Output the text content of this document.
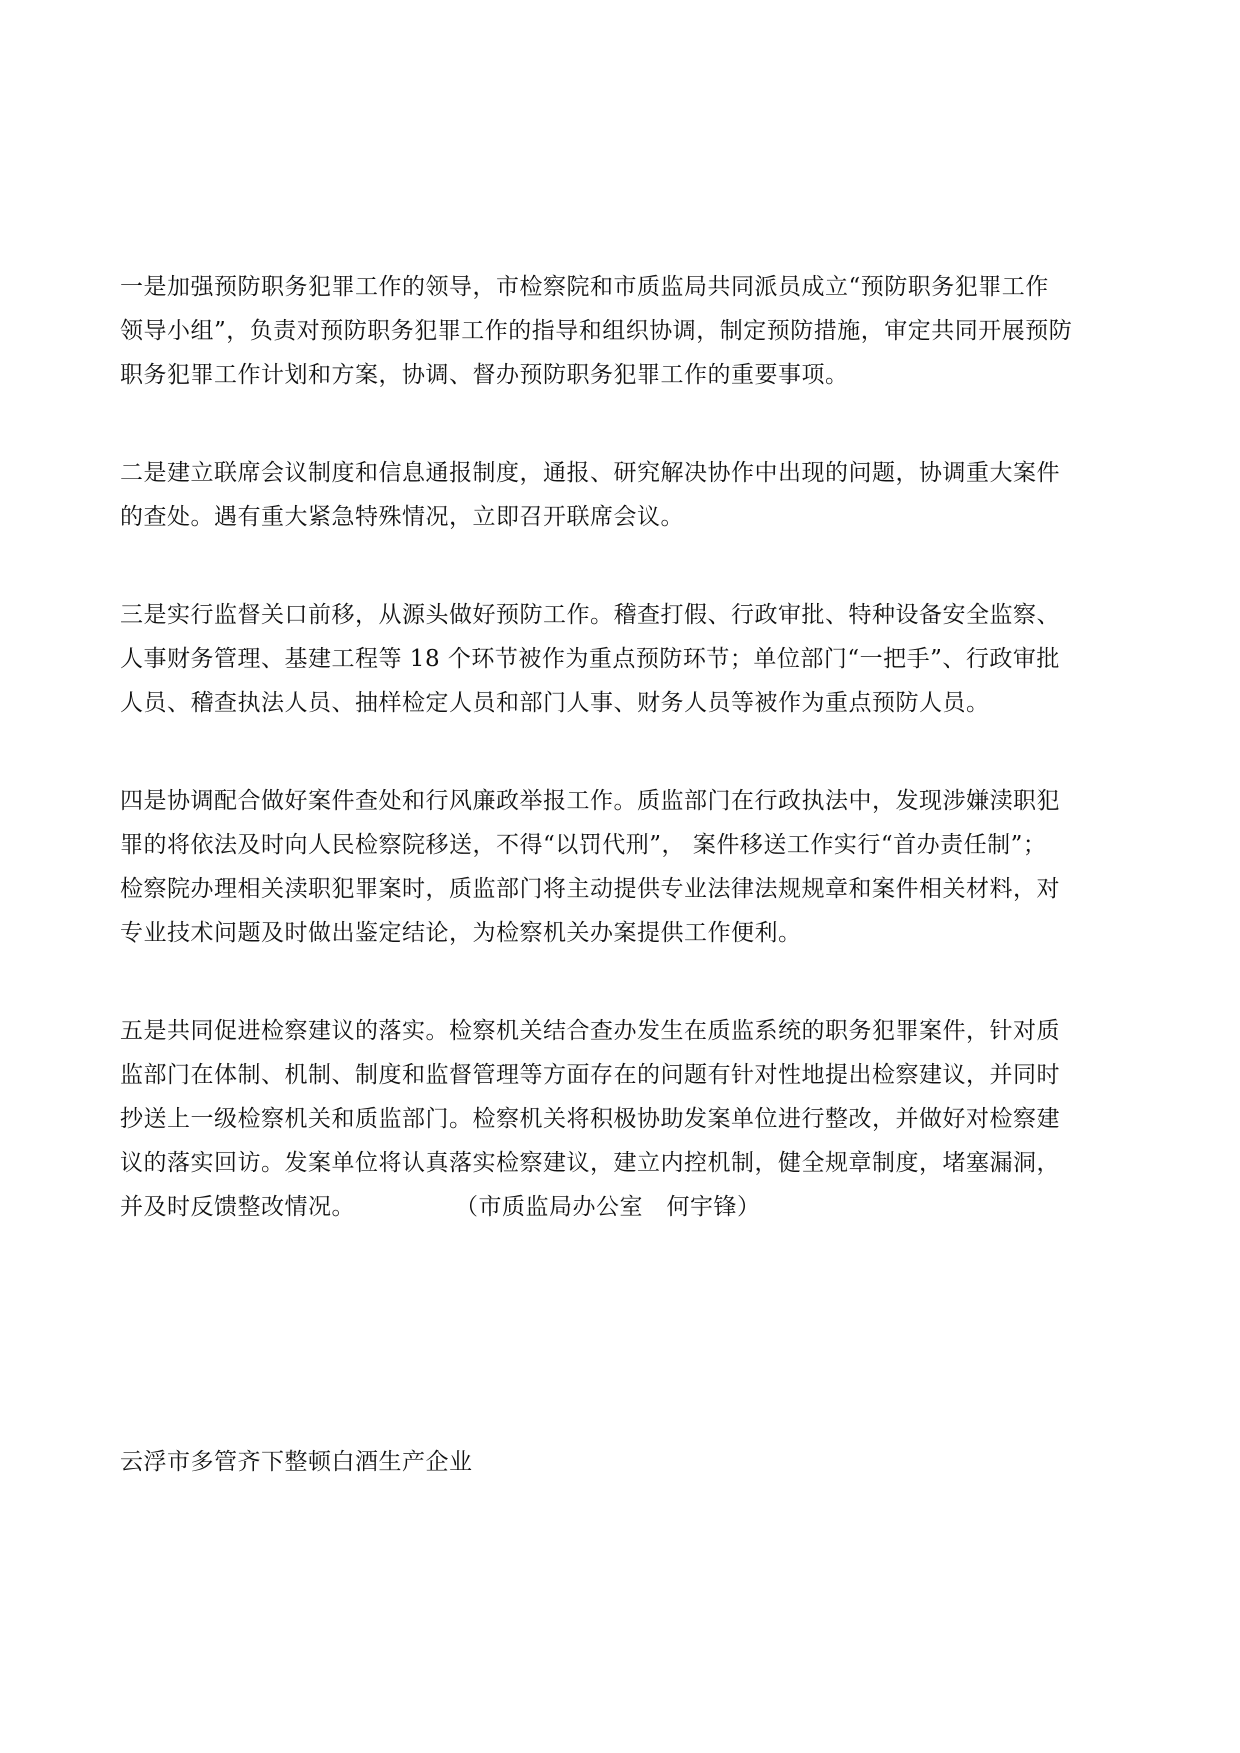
一是加强预防职务犯罪工作的领导，市检察院和市质监局共同派员成立“预防职务犯罪工作
领导小组”，负责对预防职务犯罪工作的指导和组织协调，制定预防措施，审定共同开展预防
职务犯罪工作计划和方案，协调、督办预防职务犯罪工作的重要事项。

二是建立联席会议制度和信息通报制度，通报、研究解决协作中出现的问题，协调重大案件
的查处。遇有重大紧急特殊情况，立即召开联席会议。

三是实行监督关口前移，从源头做好预防工作。稽查打假、行政审批、特种设备安全监察、
人事财务管理、基建工程等 18 个环节被作为重点预防环节；单位部门“一把手”、行政审批
人员、稽查执法人员、抽样检定人员和部门人事、财务人员等被作为重点预防人员。

四是协调配合做好案件查处和行风廉政举报工作。质监部门在行政执法中，发现涉嫌渎职犯
罪的将依法及时向人民检察院移送，不得“以罚代刑”， 案件移送工作实行“首办责任制”；
检察院办理相关渎职犯罪案时，质监部门将主动提供专业法律法规规章和案件相关材料，对
专业技术问题及时做出鉴定结论，为检察机关办案提供工作便利。

五是共同促进检察建议的落实。检察机关结合查办发生在质监系统的职务犯罪案件，针对质
监部门在体制、机制、制度和监督管理等方面存在的问题有针对性地提出检察建议，并同时
抄送上一级检察机关和质监部门。检察机关将积极协助发案单位进行整改，并做好对检察建
议的落实回访。发案单位将认真落实检察建议，建立内控机制，健全规章制度，堵塞漏洞，
并及时反馈整改情况。	（市质监局办公室　何宇锋）

云浮市多管齐下整顿白酒生产企业
